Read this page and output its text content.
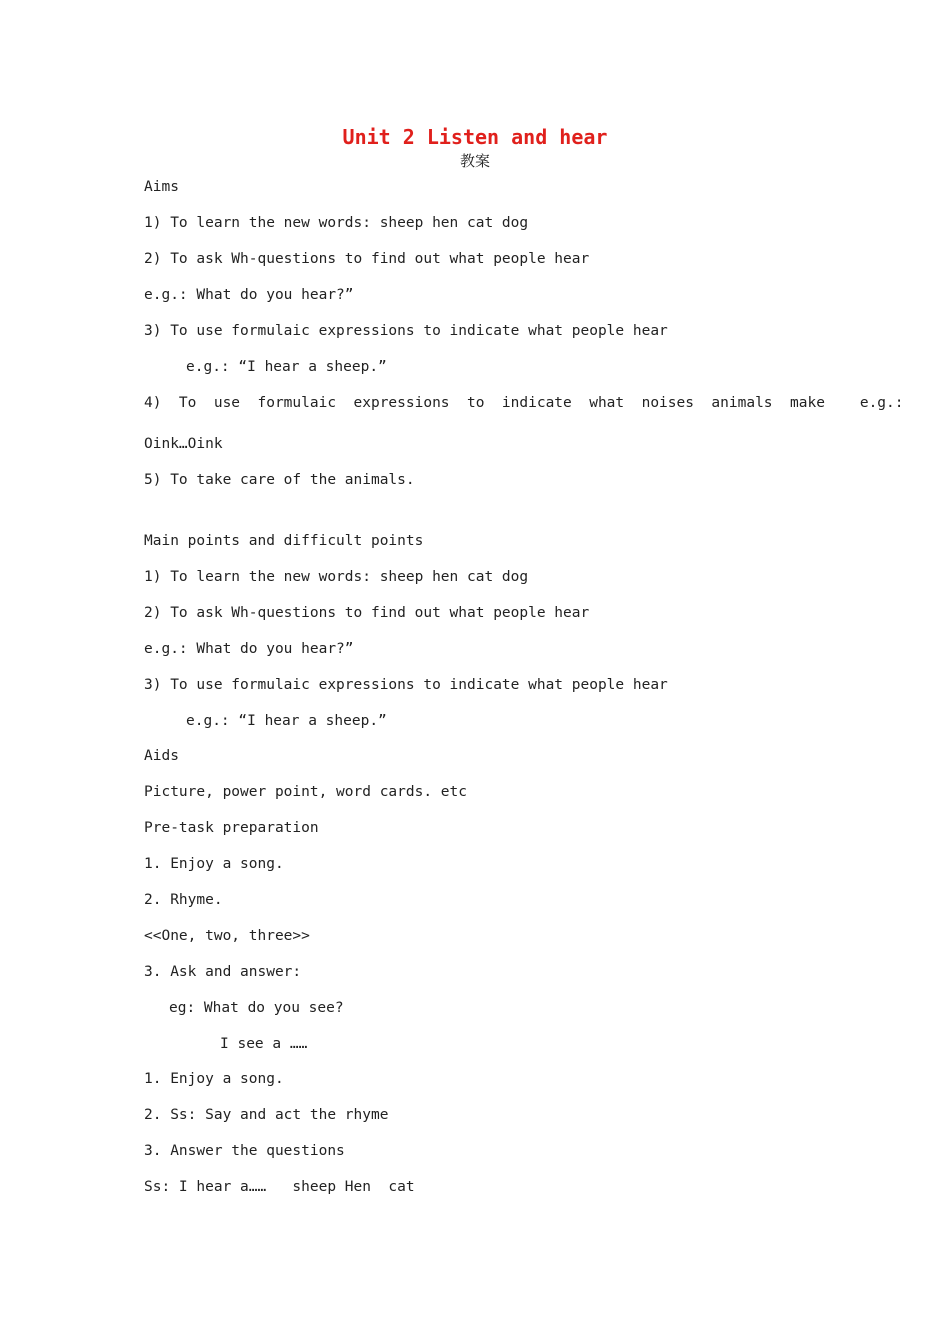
Unit 2 Listen and hear
教案

Aims

1) To learn the new words: sheep hen cat dog

2) To ask Wh-questions to find out what people hear

e.g.: What do you hear?”

3) To use formulaic expressions to indicate what people hear

e.g.: “I hear a sheep.”

4)  To  use  formulaic  expressions  to  indicate  what  noises  animals  make    e.g.:

Oink…Oink

5) To take care of the animals.

Main points and difficult points

1) To learn the new words: sheep hen cat dog

2) To ask Wh-questions to find out what people hear

e.g.: What do you hear?”

3) To use formulaic expressions to indicate what people hear

e.g.: “I hear a sheep.”

Aids

Picture, power point, word cards. etc

Pre-task preparation

1. Enjoy a song.

2. Rhyme.

<<One, two, three>>

3. Ask and answer:

eg: What do you see?

I see a ……

1. Enjoy a song.

2. Ss: Say and act the rhyme

3. Answer the questions

Ss: I hear a……   sheep Hen  cat
